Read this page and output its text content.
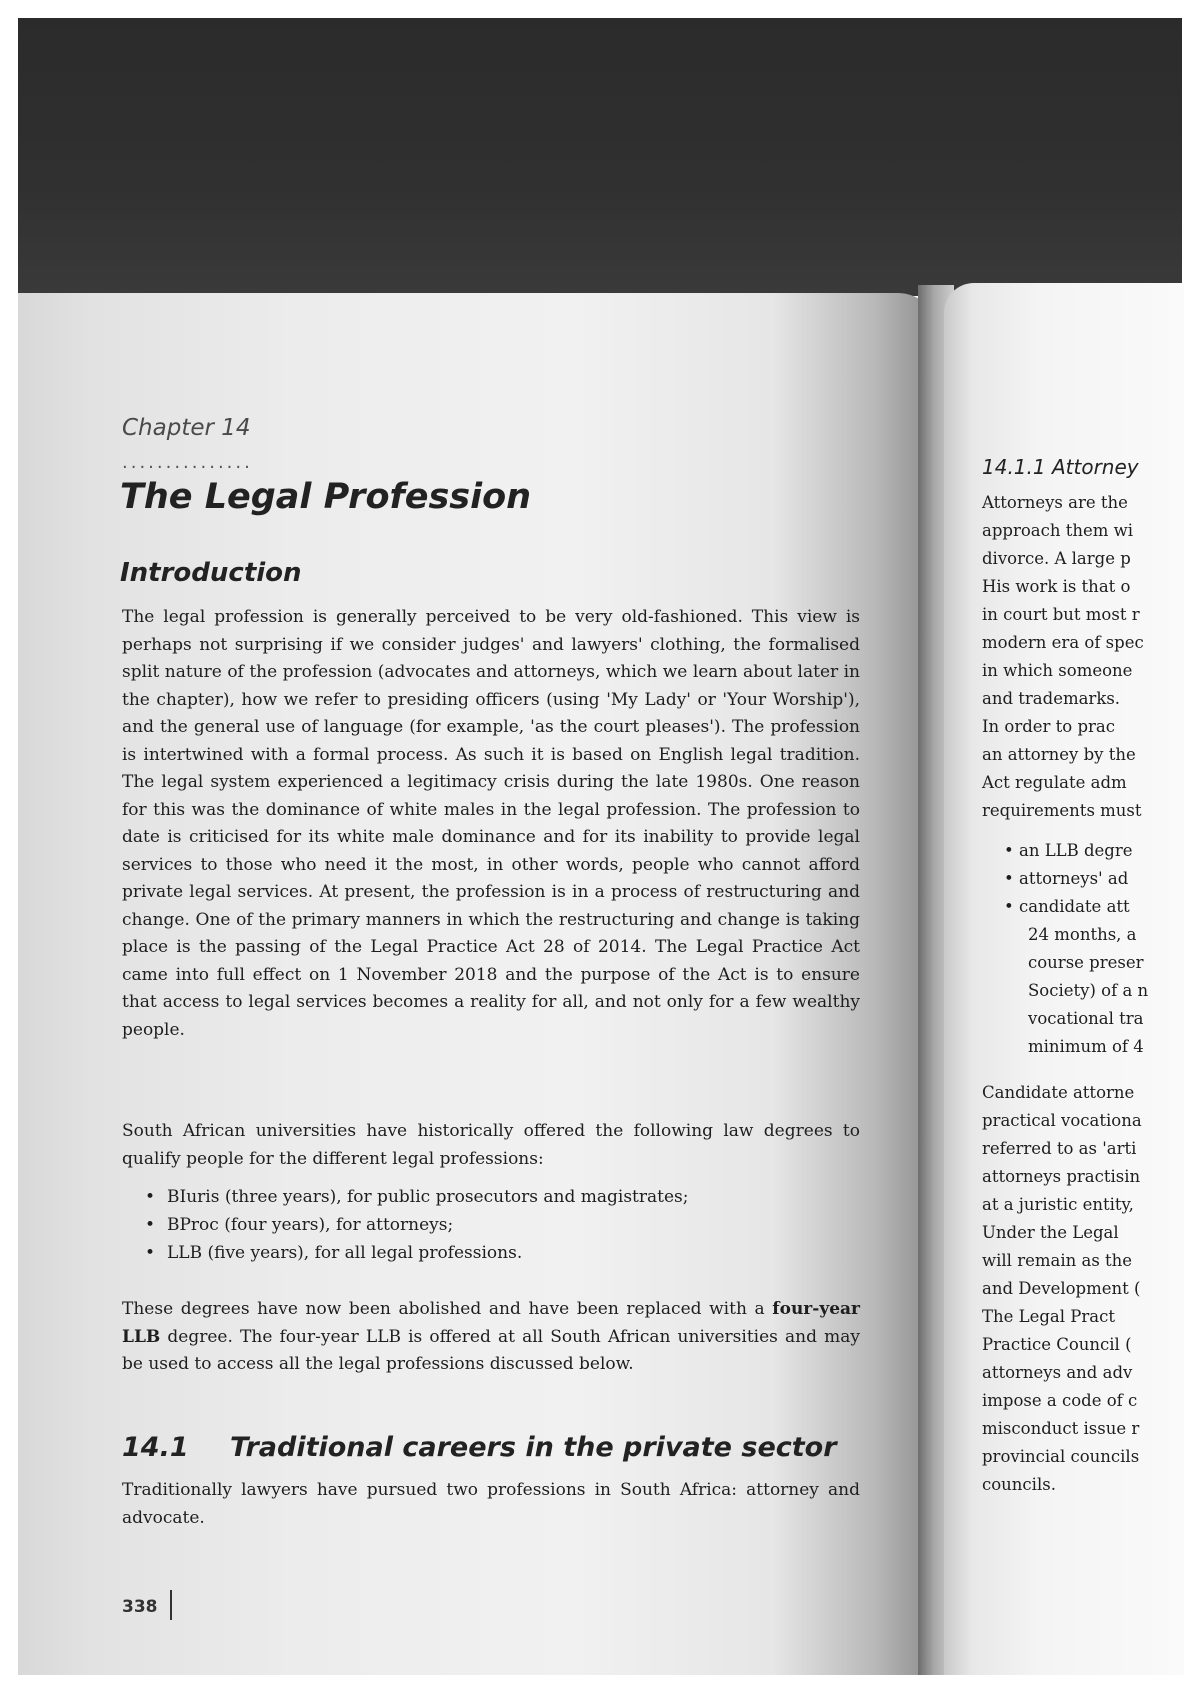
Chapter 14
...............
The Legal Profession
Introduction

The legal profession is generally perceived to be very old-fashioned. This view is perhaps not surprising if we consider judges' and lawyers' clothing, the formalised split nature of the profession (advocates and attorneys, which we learn about later in the chapter), how we refer to presiding officers (using 'My Lady' or 'Your Worship'), and the general use of language (for example, 'as the court pleases'). The profession is intertwined with a formal process. As such it is based on English legal tradition. The legal system experienced a legitimacy crisis during the late 1980s. One reason for this was the dominance of white males in the legal profession. The profession to date is criticised for its white male dominance and for its inability to provide legal services to those who need it the most, in other words, people who cannot afford private legal services. At present, the profession is in a process of restructuring and change. One of the primary manners in which the restructuring and change is taking place is the passing of the Legal Practice Act 28 of 2014. The Legal Practice Act came into full effect on 1 November 2018 and the purpose of the Act is to ensure that access to legal services becomes a reality for all, and not only for a few wealthy people.

South African universities have historically offered the following law degrees to qualify people for the different legal professions:

• BIuris (three years), for public prosecutors and magistrates;
• BProc (four years), for attorneys;
• LLB (five years), for all legal professions.

These degrees have now been abolished and have been replaced with a four-year LLB degree. The four-year LLB is offered at all South African universities and may be used to access all the legal professions discussed below.

14.1 Traditional careers in the private sector

Traditionally lawyers have pursued two professions in South Africa: attorney and advocate.

338
14.1.1 Attorney
Attorneys are the
approach them wi
divorce. A large p
His work is that o
in court but most r
modern era of spec
in which someone
and trademarks.
In order to prac
an attorney by the
Act regulate adm
requirements must
• an LLB degre
• attorneys' ad
• candidate att
24 months, a
course preser
Society) of a n
vocational tra
minimum of 4
Candidate attorne
practical vocationa
referred to as 'arti
attorneys practisin
at a juristic entity,
Under the Legal
will remain as the
and Development (
The Legal Pract
Practice Council (
attorneys and adv
impose a code of c
misconduct issue r
provincial councils
councils.
